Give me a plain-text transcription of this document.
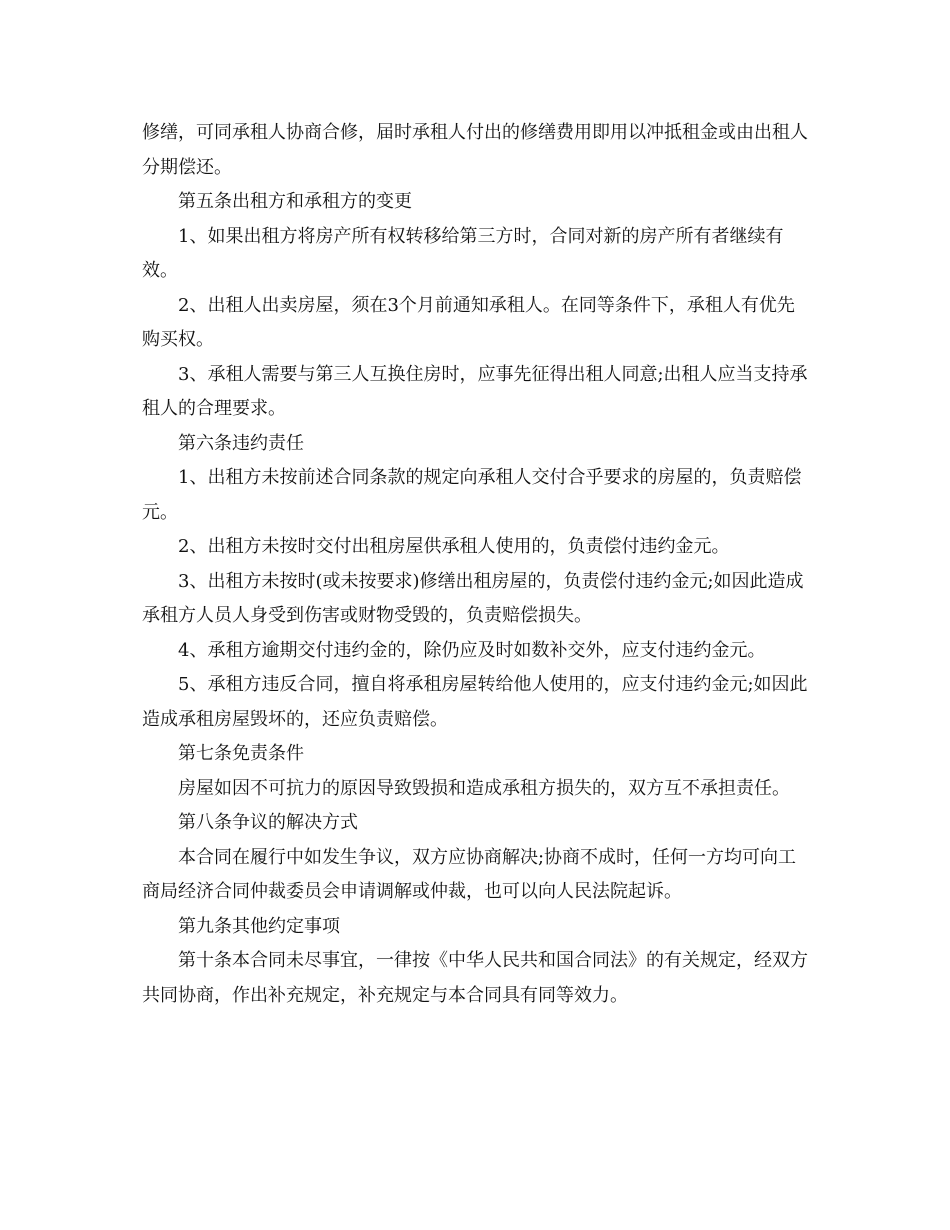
修缮，可同承租人协商合修，届时承租人付出的修缮费用即用以冲抵租金或由出租人分期偿还。

第五条出租方和承租方的变更

1、如果出租方将房产所有权转移给第三方时，合同对新的房产所有者继续有效。

2、出租人出卖房屋，须在3个月前通知承租人。在同等条件下，承租人有优先购买权。

3、承租人需要与第三人互换住房时，应事先征得出租人同意;出租人应当支持承租人的合理要求。

第六条违约责任

1、出租方未按前述合同条款的规定向承租人交付合乎要求的房屋的，负责赔偿元。

2、出租方未按时交付出租房屋供承租人使用的，负责偿付违约金元。

3、出租方未按时(或未按要求)修缮出租房屋的，负责偿付违约金元;如因此造成承租方人员人身受到伤害或财物受毁的，负责赔偿损失。

4、承租方逾期交付违约金的，除仍应及时如数补交外，应支付违约金元。

5、承租方违反合同，擅自将承租房屋转给他人使用的，应支付违约金元;如因此造成承租房屋毁坏的，还应负责赔偿。

第七条免责条件

房屋如因不可抗力的原因导致毁损和造成承租方损失的，双方互不承担责任。

第八条争议的解决方式

本合同在履行中如发生争议，双方应协商解决;协商不成时，任何一方均可向工商局经济合同仲裁委员会申请调解或仲裁，也可以向人民法院起诉。

第九条其他约定事项

第十条本合同未尽事宜，一律按《中华人民共和国合同法》的有关规定，经双方共同协商，作出补充规定，补充规定与本合同具有同等效力。
